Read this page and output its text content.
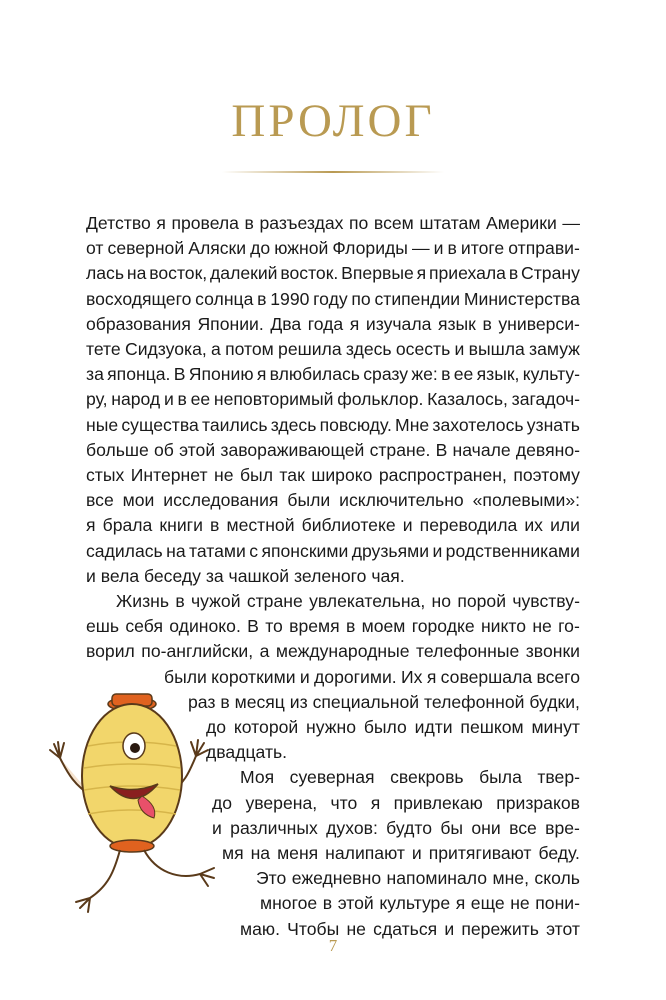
ПРОЛОГ
Детство я провела в разъездах по всем штатам Америки —
от северной Аляски до южной Флориды — и в итоге отправи-
лась на восток, далекий восток. Впервые я приехала в Страну
восходящего солнца в 1990 году по стипендии Министерства
образования Японии. Два года я изучала язык в универси-
тете Сидзуока, а потом решила здесь осесть и вышла замуж
за японца. В Японию я влюбилась сразу же: в ее язык, культу-
ру, народ и в ее неповторимый фольклор. Казалось, загадоч-
ные существа таились здесь повсюду. Мне захотелось узнать
больше об этой завораживающей стране. В начале девяно-
стых Интернет не был так широко распространен, поэтому
все мои исследования были исключительно «полевыми»:
я брала книги в местной библиотеке и переводила их или
садилась на татами с японскими друзьями и родственниками
и вела беседу за чашкой зеленого чая.
Жизнь в чужой стране увлекательна, но порой чувству-
ешь себя одиноко. В то время в моем городке никто не го-
ворил по-английски, а международные телефонные звонки
были короткими и дорогими. Их я совершала всего
раз в месяц из специальной телефонной будки,
до которой нужно было идти пешком минут
двадцать.
Моя суеверная свекровь была твер-
до уверена, что я привлекаю призраков
и различных духов: будто бы они все вре-
мя на меня налипают и притягивают беду.
Это ежедневно напоминало мне, сколь
многое в этой культуре я еще не пони-
маю. Чтобы не сдаться и пережить этот
7
